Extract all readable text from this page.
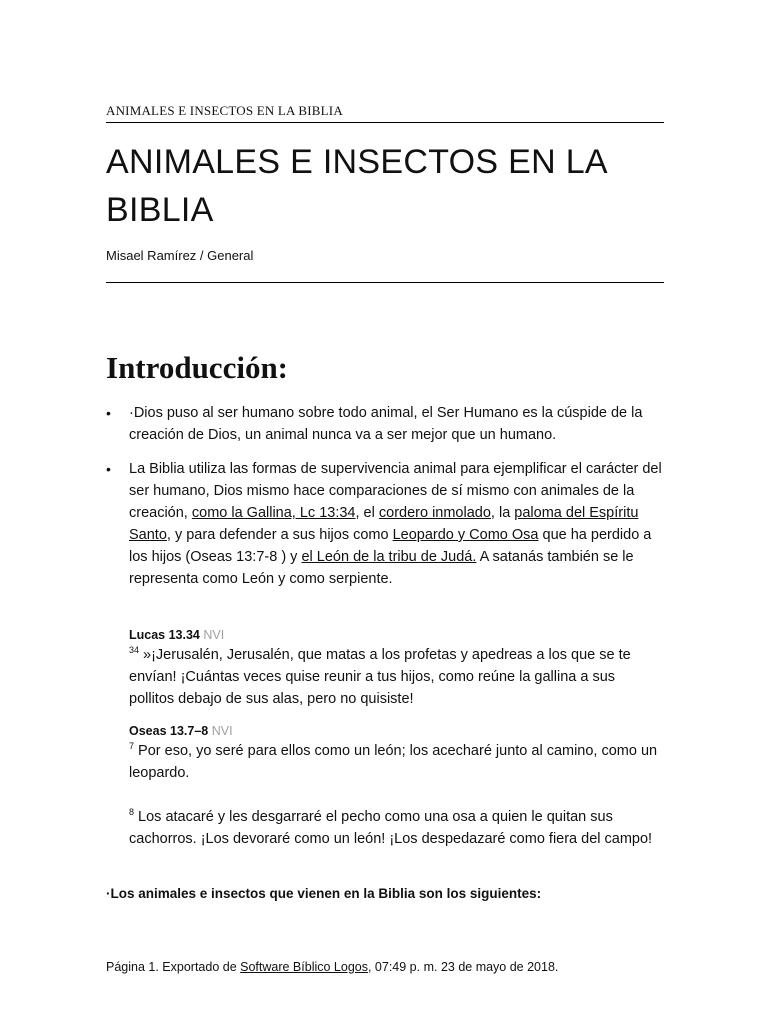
ANIMALES E INSECTOS EN LA BIBLIA
ANIMALES E INSECTOS EN LA BIBLIA
Misael Ramírez / General
Introducción:
• ·Dios puso al ser humano sobre todo animal, el Ser Humano es la cúspide de la creación de Dios, un animal nunca va a ser mejor que un humano.
• La Biblia utiliza las formas de supervivencia animal para ejemplificar el carácter del ser humano, Dios mismo hace comparaciones de sí mismo con animales de la creación, como la Gallina, Lc 13:34, el cordero inmolado, la paloma del Espíritu Santo, y para defender a sus hijos como Leopardo y Como Osa que ha perdido a los hijos (Oseas 13:7-8 ) y el León de la tribu de Judá. A satanás también se le representa como León y como serpiente.
Lucas 13.34 NVI

$^{34}$ »¡Jerusalén, Jerusalén, que matas a los profetas y apedreas a los que se te envían! ¡Cuántas veces quise reunir a tus hijos, como reúne la gallina a sus pollitos debajo de sus alas, pero no quisiste!

Oseas 13.7–8 NVI

$^7$ Por eso, yo seré para ellos como un león; los acecharé junto al camino, como un leopardo.

$^8$ Los atacaré y les desgarraré el pecho como una osa a quien le quitan sus cachorros. ¡Los devoraré como un león! ¡Los despedazaré como fiera del campo!

·Los animales e insectos que vienen en la Biblia son los siguientes:
Página 1. Exportado de Software Bíblico Logos, 07:49 p. m. 23 de mayo de 2018.
